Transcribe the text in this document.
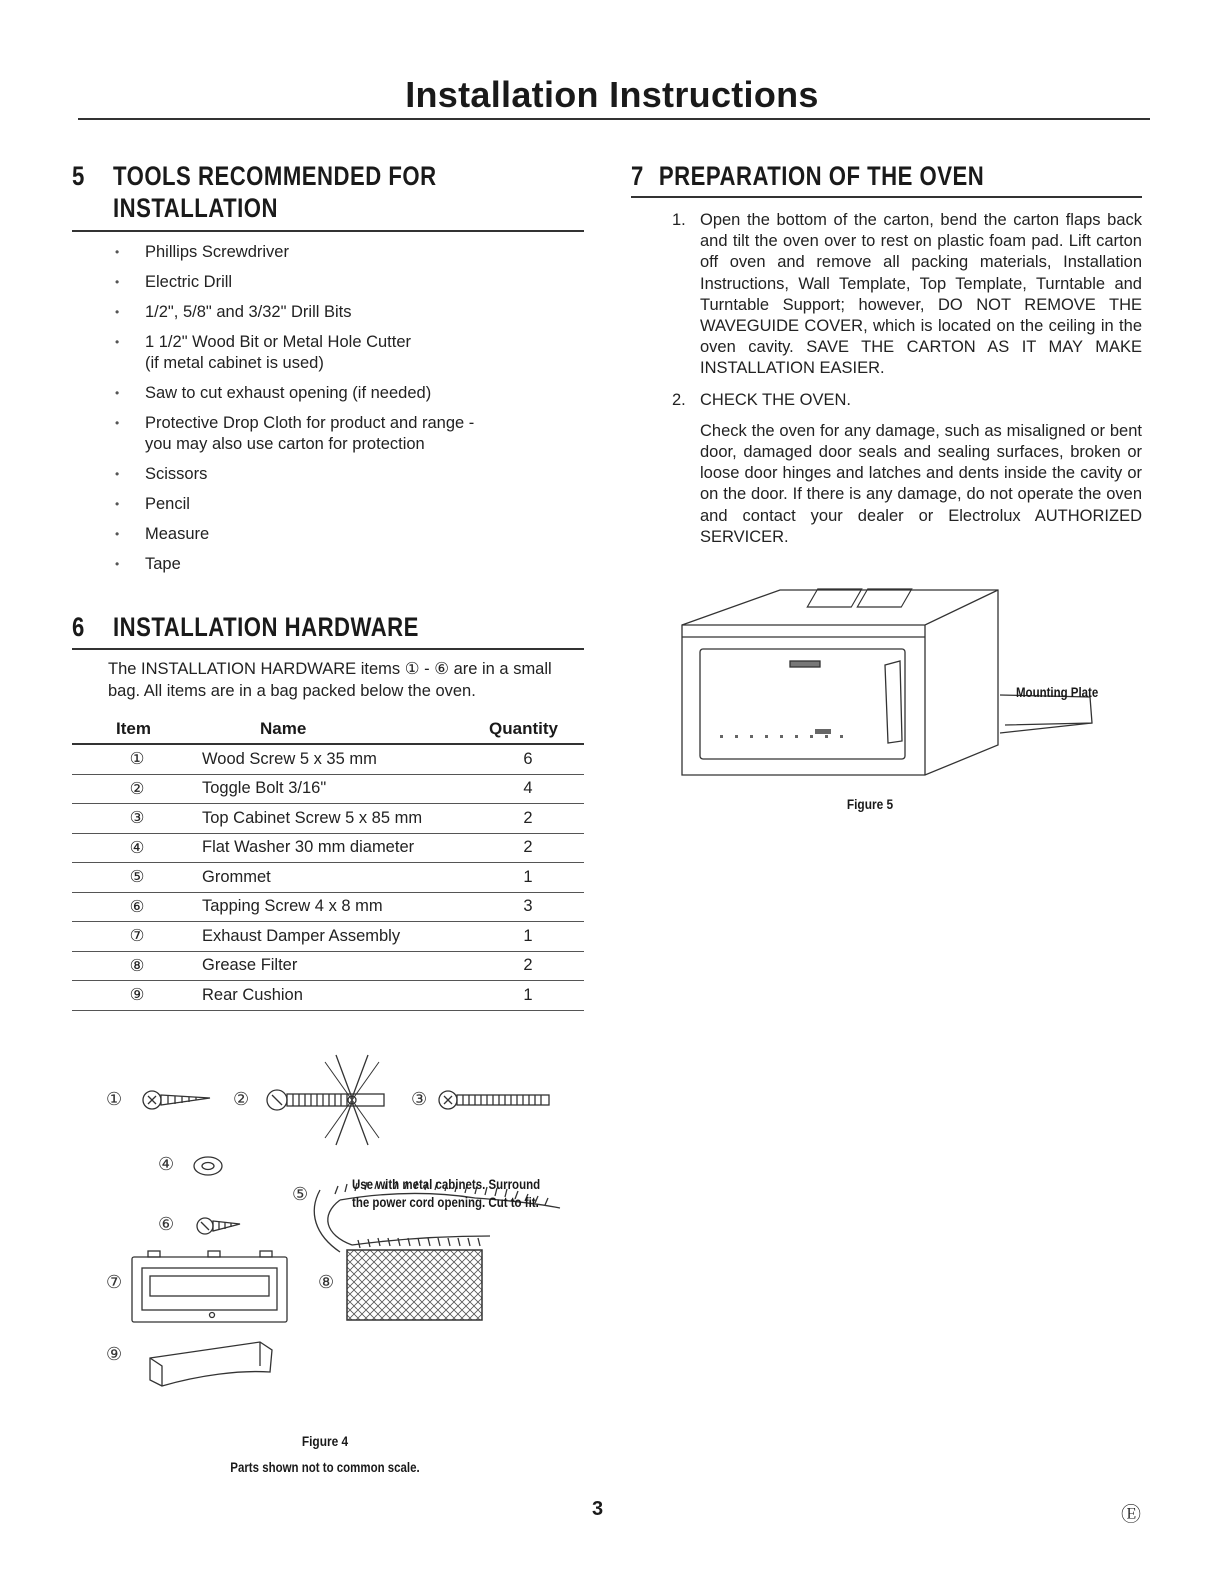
Installation Instructions
5 TOOLS RECOMMENDED FOR
INSTALLATION
• Phillips Screwdriver
• Electric Drill
• 1/2", 5/8" and 3/32" Drill Bits
• 1 1/2" Wood Bit or Metal Hole Cutter
(if metal cabinet is used)
• Saw to cut exhaust opening (if needed)
• Protective Drop Cloth for product and range -
you may also use carton for protection
• Scissors
• Pencil
• Measure
• Tape
6 INSTALLATION HARDWARE
The INSTALLATION HARDWARE items ① - ⑥ are in a small bag. All items are in a bag packed below the oven.
Item	Name	Quantity
①	Wood Screw 5 x 35 mm	6
②	Toggle Bolt 3/16"	4
③	Top Cabinet Screw 5 x 85 mm	2
④	Flat Washer 30 mm diameter	2
⑤	Grommet	1
⑥	Tapping Screw 4 x 8 mm	3
⑦	Exhaust Damper Assembly	1
⑧	Grease Filter	2
⑨	Rear Cushion	1
①	②	③
④
⑤
⑥
⑦	⑧
⑨
Use with metal cabinets. Surround
the power cord opening. Cut to fit.
Figure 4
Parts shown not to common scale.
7 PREPARATION OF THE OVEN
1. Open the bottom of the carton, bend the carton flaps back and tilt the oven over to rest on plastic foam pad. Lift carton off oven and remove all packing materials, Installation Instructions, Wall Template, Top Template, Turntable and Turntable Support; however, DO NOT REMOVE THE WAVEGUIDE COVER, which is located on the ceiling in the oven cavity. SAVE THE CARTON AS IT MAY MAKE INSTALLATION EASIER.
2. CHECK THE OVEN.
Check the oven for any damage, such as misaligned or bent door, damaged door seals and sealing surfaces, broken or loose door hinges and latches and dents inside the cavity or on the door. If there is any damage, do not operate the oven and contact your dealer or Electrolux AUTHORIZED SERVICER.
Mounting Plate
Figure 5
3	Ⓔ
